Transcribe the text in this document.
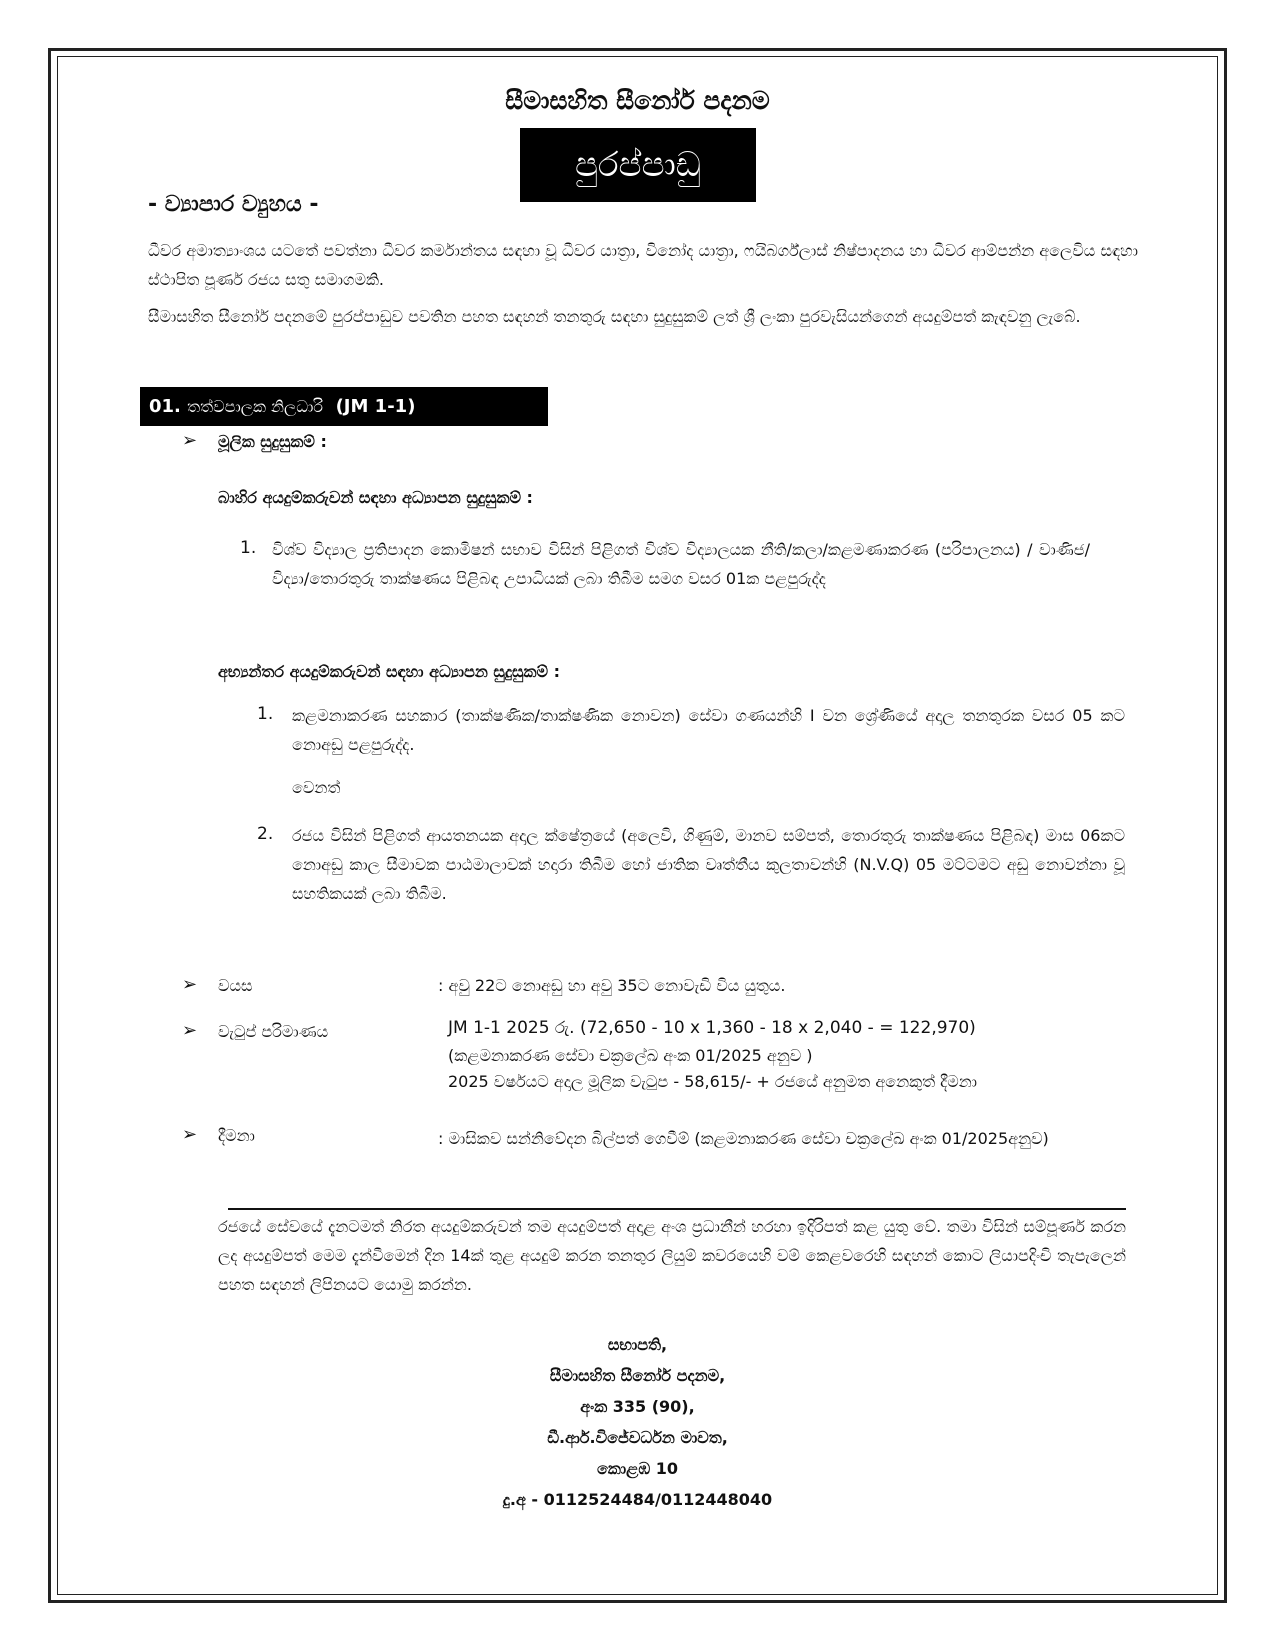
සීමාසහිත සීනෝර් පදනම
පුරප්පාඩු
- ව්‍යාපාර ව්‍යුහය -
ධීවර අමාත්‍යාංශය යටතේ පවත්නා ධීවර කර්මාන්තය සඳහා වූ ධීවර යාත්‍රා, විනෝද යාත්‍රා, ෆයිබර්ග්ලාස් නිෂ්පාදනය හා ධීවර ආම්පන්න අලෙවිය සඳහා ස්ථාපිත පූර්ණ රජය සතු සමාගමකි.
සීමාසහිත සීනෝර් පදනමේ පුරප්පාඩුව පවතින පහත සඳහන් තනතුරු සඳහා සුදුසුකම් ලත් ශ්‍රී ලංකා පුරවැසියන්ගෙන් අයදුම්පත් කැඳවනු ලැබේ.
01.
තත්වපාලක නිලධාරි
(JM 1-1)
➢ මූලික සුදුසුකම් :
බාහිර අයදුම්කරුවන් සඳහා අධ්‍යාපන සුදුසුකම් :
1. විශ්ව විද්‍යාල ප්‍රතිපාදන කොමිෂන් සභාව විසින් පිළිගත් විශ්ව විද්‍යාලයක නීති/කලා/කළමණාකරණ (පරිපාලනය) / වාණිජ/විද්‍යා/තොරතුරු තාක්ෂණය පිළිබඳ උපාධියක් ලබා තිබීම සමග වසර 01ක පළපුරුද්ද
අභ්‍යන්තර අයදුම්කරුවන් සඳහා අධ්‍යාපන සුදුසුකම් :
1. කළමනාකරණ සහකාර (තාක්ෂණික/තාක්ෂණික නොවන) සේවා ගණයන්හි I වන ශ්‍රේණියේ අදාල තනතුරක වසර 05 කට නොඅඩු පළපුරුද්ද.
වෙනත්
2. රජය විසින් පිළිගත් ආයතනයක අදාල ක්ෂේත්‍රයේ (අලෙවි, ගිණුම්, මානව සම්පත්, තොරතුරු තාක්ෂණය පිළිබඳ) මාස 06කට නොඅඩු කාල සීමාවක පාඨමාලාවක් හදාරා තිබීම හෝ ජාතික වෘත්තීය කුලතාවන්හි (N.V.Q) 05 මට්ටමට අඩු නොවන්නා වූ සහතිකයක් ලබා තිබීම.
➢ වයස	: අවු 22ට නොඅඩු හා අවු 35ට නොවැඩි විය යුතුය.
➢ වැටුප් පරිමාණය	JM 1-1 2025 රු. (72,650 - 10 x 1,360 - 18 x 2,040 - = 122,970)
(කළමනාකරණ සේවා චක්‍රලේඛ අංක 01/2025 අනුව )
2025 වර්ෂයට අදාල මූලික වැටුප - 58,615/- + රජයේ අනුමත අනෙකුත් දීමනා
➢ දීමනා	: මාසිකව සන්නිවේදන බිල්පත් ගෙවීම් (කළමනාකරණ සේවා චක්‍රලේඛ අංක 01/2025අනුව)
රජයේ සේවයේ දැනටමත් නිරත අයදුම්කරුවන් තම අයදුම්පත් අදාළ අංශ ප්‍රධානීන් හරහා ඉදිරිපත් කළ යුතු වේ. තමා විසින් සම්පූර්ණ කරන ලද අයදුම්පත් මෙම දැන්වීමෙන් දින 14ක් තුළ අයදුම් කරන තනතුර ලියුම් කවරයෙහි වම් කෙළවරෙහි සඳහන් කොට ලියාපදිංචි තැපැලෙන් පහත සඳහන් ලිපිනයට යොමු කරන්න.
සභාපති,
සීමාසහිත සීනෝර් පදනම,
අංක 335 (90),
ඩී.ආර්.විජේවර්ධන මාවත,
කොළඹ 10
දු.අ - 0112524484/0112448040
